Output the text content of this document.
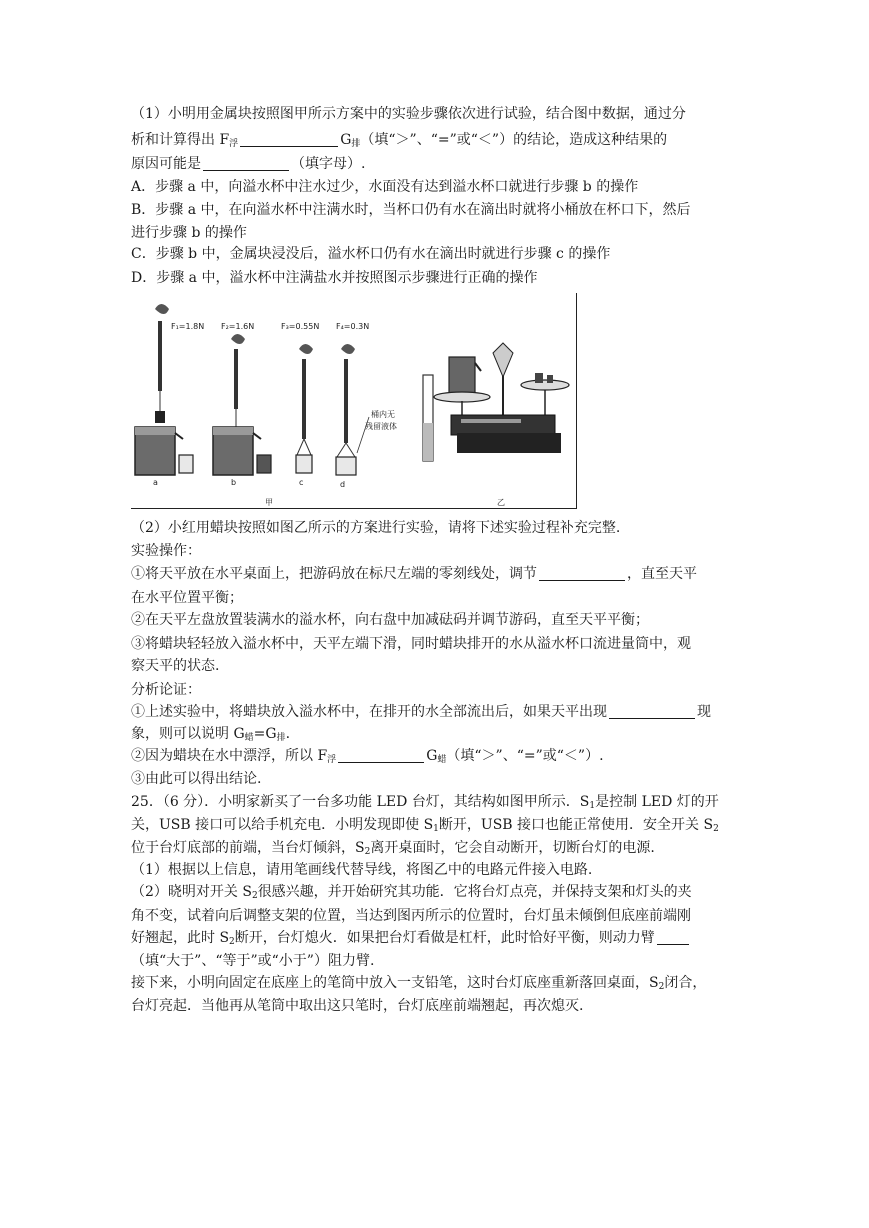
（1）小明用金属块按照图甲所示方案中的实验步骤依次进行试验，结合图中数据，通过分
析和计算得出 $F_浮$	$G_排$（填“＞”、“=”或“＜”）的结论，造成这种结果的
原因可能是	（填字母）.
A．步骤 a 中，向溢水杯中注水过少，水面没有达到溢水杯口就进行步骤 b 的操作
B．步骤 a 中，在向溢水杯中注满水时，当杯口仍有水在滴出时就将小桶放在杯口下，然后
进行步骤 b 的操作
C．步骤 b 中，金属块浸没后，溢水杯口仍有水在滴出时就进行步骤 c 的操作
D．步骤 a 中，溢水杯中注满盐水并按照图示步骤进行正确的操作
F₁=1.8N
a
F₂=1.6N
b
F₃=0.55N
c
F₄=0.3N
桶内无
残留液体
d
甲	乙
（2）小红用蜡块按照如图乙所示的方案进行实验，请将下述实验过程补充完整.
实验操作：
①将天平放在水平桌面上，把游码放在标尺左端的零刻线处，调节	，直至天平
在水平位置平衡；
②在天平左盘放置装满水的溢水杯，向右盘中加减砝码并调节游码，直至天平平衡；
③将蜡块轻轻放入溢水杯中，天平左端下滑，同时蜡块排开的水从溢水杯口流进量筒中，观
察天平的状态.
分析论证：
①上述实验中，将蜡块放入溢水杯中，在排开的水全部流出后，如果天平出现	现
象，则可以说明 $G_蜡=G_排$.
②因为蜡块在水中漂浮，所以 $F_浮$	$G_蜡$（填“＞”、“=”或“＜”）.
③由此可以得出结论.
25．（6 分）．小明家新买了一台多功能 LED 台灯，其结构如图甲所示．$S_1$是控制 LED 灯的开
关，USB 接口可以给手机充电．小明发现即使 $S_1$断开，USB 接口也能正常使用．安全开关 $S_2$
位于台灯底部的前端，当台灯倾斜，$S_2$离开桌面时，它会自动断开，切断台灯的电源.
（1）根据以上信息，请用笔画线代替导线，将图乙中的电路元件接入电路.
（2）晓明对开关 $S_2$很感兴趣，并开始研究其功能．它将台灯点亮，并保持支架和灯头的夹
角不变，试着向后调整支架的位置，当达到图丙所示的位置时，台灯虽未倾倒但底座前端刚
好翘起，此时 $S_2$断开，台灯熄火．如果把台灯看做是杠杆，此时恰好平衡，则动力臂
（填“大于”、“等于”或“小于”）阻力臂.
接下来，小明向固定在底座上的笔筒中放入一支铅笔，这时台灯底座重新落回桌面，$S_2$闭合，
台灯亮起．当他再从笔筒中取出这只笔时，台灯底座前端翘起，再次熄灭.
